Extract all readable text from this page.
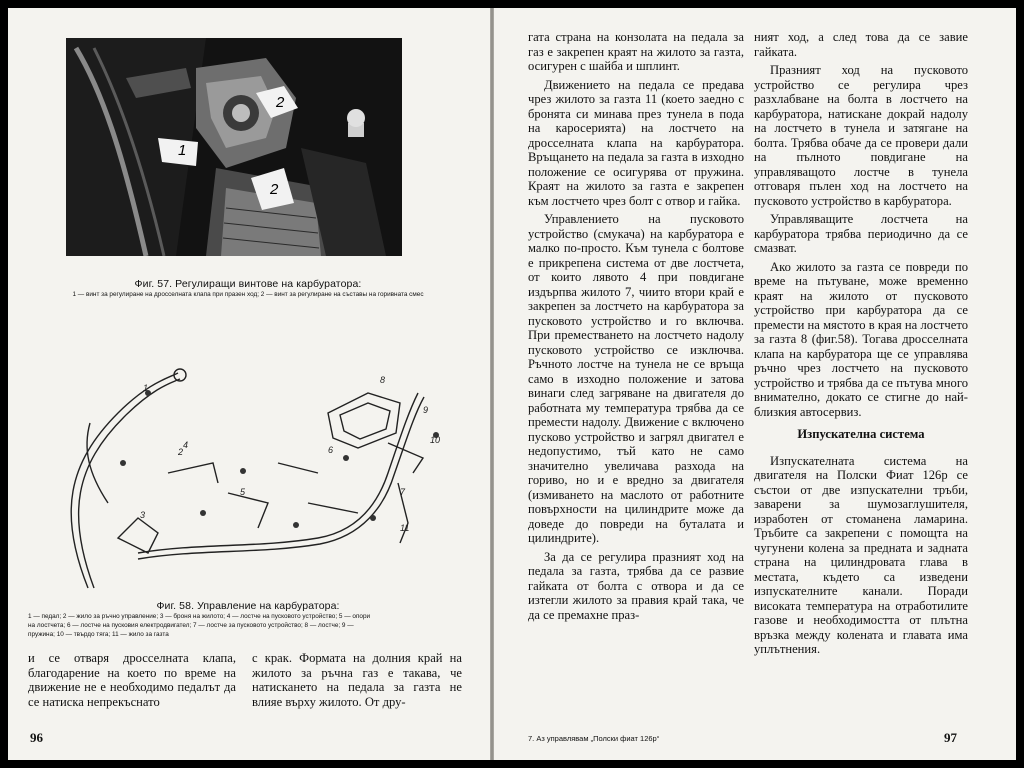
1
2
2
Фиг. 57. Регулиращи винтове на карбуратора:
1 — винт за регулиране на дросселната клапа при празен ход; 2 — винт за регулиране на съставы на горивната смес
1
2
3
4
5
6
7
8
9
10
11
Фиг. 58. Управление на карбуратора:
1 — педал; 2 — жило за ръчно управление; 3 — броня на жилото; 4 — лостче на пусковото устройство; 5 — опори
на лостчета; 6 — лостче на пусковия електродвигател; 7 — лостче за пусковото устройство; 8 — лостче; 9 —
пружина; 10 — твърдо тяга; 11 — жило за газта

и се отваря дросселната клапа, благодарение на което по време на движение не е необходимо педалът да се натиска непрекъснато

с крак. Формата на долния край на жилото за ръчна газ е такава, че натискането на педала за газта не влияе върху жилото. От дру-

96

гата страна на конзолата на педала за газ е закрепен краят на жилото за газта, осигурен с шайба и шплинт.

Движението на педала се предава чрез жилото за газта 11 (което заедно с бронята си минава през тунела в пода на каросерията) на лостчето на дросселната клапа на карбуратора. Връщането на педала за газта в изходно положение се осигурява от пружина. Краят на жилото за газта е закрепен към лостчето чрез болт с отвор и гайка.

Управлението на пусковото устройство (смукача) на карбуратора е малко по-просто. Към тунела с болтове е прикрепена системa от две лостчета, от които лявото 4 при повдигане издърпва жилото 7, чиито втори край е закрепен за лостчето на карбуратора за пусковото устройство и го включва. При преместването на лостчето надолу пусковото устройство се изключва. Ръчното лостче на тунела не се връща само в изходно положение и затова винаги след загряване на двигателя до работната му температура трябва да се премести надолу. Движение с включено пусково устройство и загрял двигател е недопустимо, тъй като не само значително увеличава разхода на гориво, но и е вредно за двигателя (измиването на маслото от работните повърхности на цилиндрите може да доведе до повреди на буталата и цилиндрите).

За да се регулира празният ход на педала за газта, трябва да се развие гайката от болта с отвора и да се изтегли жилото за правия край така, че да се премахне праз-

ният ход, а след това да се завие гайката.

Празният ход на пусковото устройство се регулира чрез разхлабване на болта в лостчето на карбуратора, натискане докрай надолу на лостчето в тунела и затягане на болта. Трябва обаче да се провери дали на пълното повдигане на управляващото лостче в тунела отговаря пълен ход на лостчето на пусковото устройство в карбуратора.

Управляващите лостчета на карбуратора трябва периодично да се смазват.

Ако жилото за газта се повреди по време на пътуване, може временно краят на жилото от пусковото устройство при карбуратора да се премести на мястото в края на лостчето за газта 8 (фиг.58). Тогава дросселната клапа на карбуратора ще се управлява ръчно чрез лостчето на пусковото устройство и трябва да се пътува много внимателно, докато се стигне до най-близкия автосервиз.

Изпускателна система

Изпускателната система на двигателя на Полски Фиат 126р се състои от две изпускателни тръби, заварени за шумозаглушителя, изработен от стоманена ламарина. Тръбите са закрепени с помощта на чугунени колена за предната и задната страна на цилиндровата глава в местата, където са изведени изпускателните канали. Поради високата температура на отработилите газове и необходимостта от плътна връзка между колената и главата има уплътнения.

7. Аз управлявам „Полски фиат 126р“	97
